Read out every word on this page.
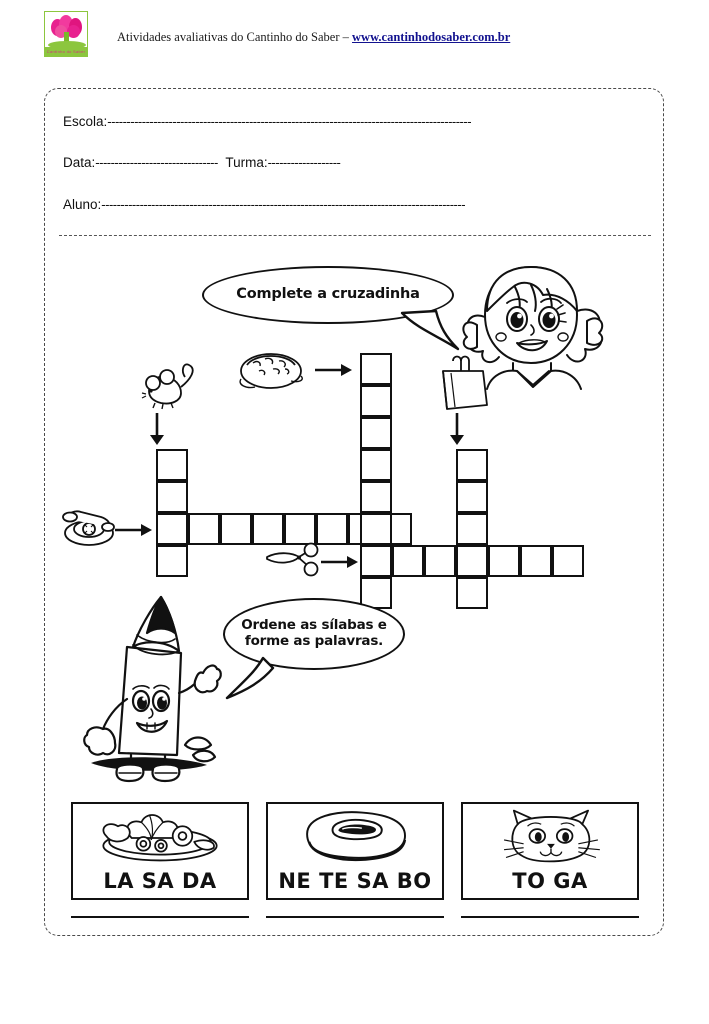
Cantinho do Saber
Atividades avaliativas do Cantinho do Saber – www.cantinhodosaber.com.br
Escola:-----------------------------------------------------------------------------------------------
Data:-------------------------------- Turma:-------------------
Aluno:-----------------------------------------------------------------------------------------------
Complete a cruzadinha
Ordene as sílabas e
forme as palavras.
LA SA DA	NE TE SA BO	TO GA
